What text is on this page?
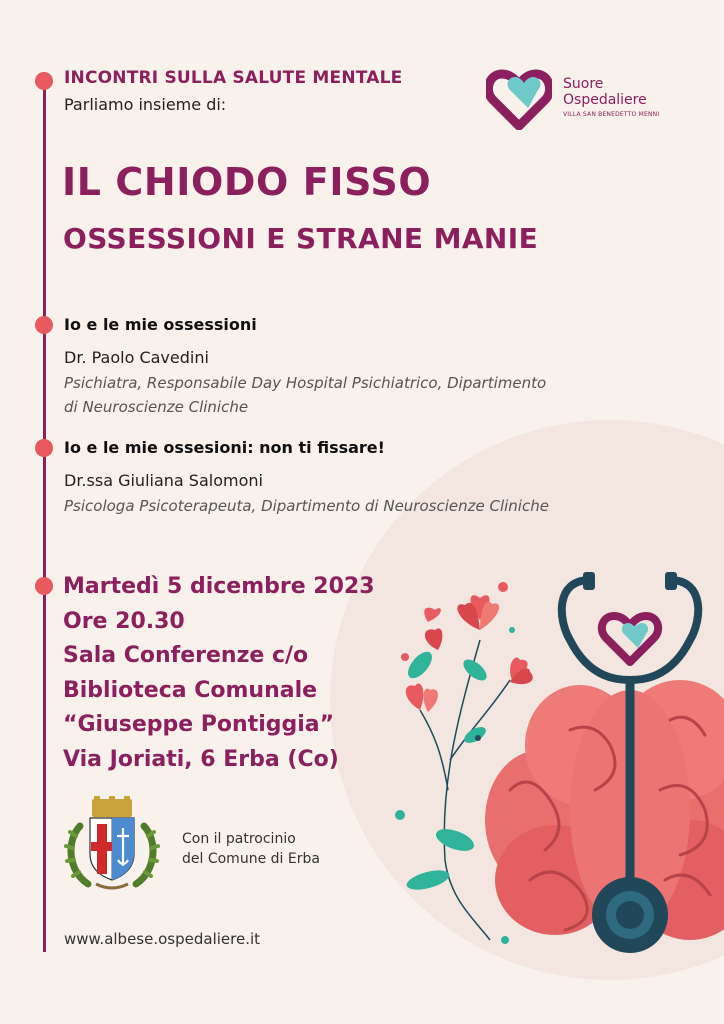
INCONTRI SULLA SALUTE MENTALE
Parliamo insieme di:
Suore
Ospedaliere
VILLA SAN BENEDETTO MENNI
IL CHIODO FISSO
OSSESSIONI E STRANE MANIE
Io e le mie ossessioni
Dr. Paolo Cavedini
Psichiatra, Responsabile Day Hospital Psichiatrico, Dipartimento
di Neuroscienze Cliniche
Io e le mie ossesioni: non ti fissare!
Dr.ssa Giuliana Salomoni
Psicologa Psicoterapeuta, Dipartimento di Neuroscienze Cliniche
Martedì 5 dicembre 2023
Ore 20.30
Sala Conferenze c/o
Biblioteca Comunale
“Giuseppe Pontiggia”
Via Joriati, 6 Erba (Co)
Con il patrocinio
del Comune di Erba
www.albese.ospedaliere.it
